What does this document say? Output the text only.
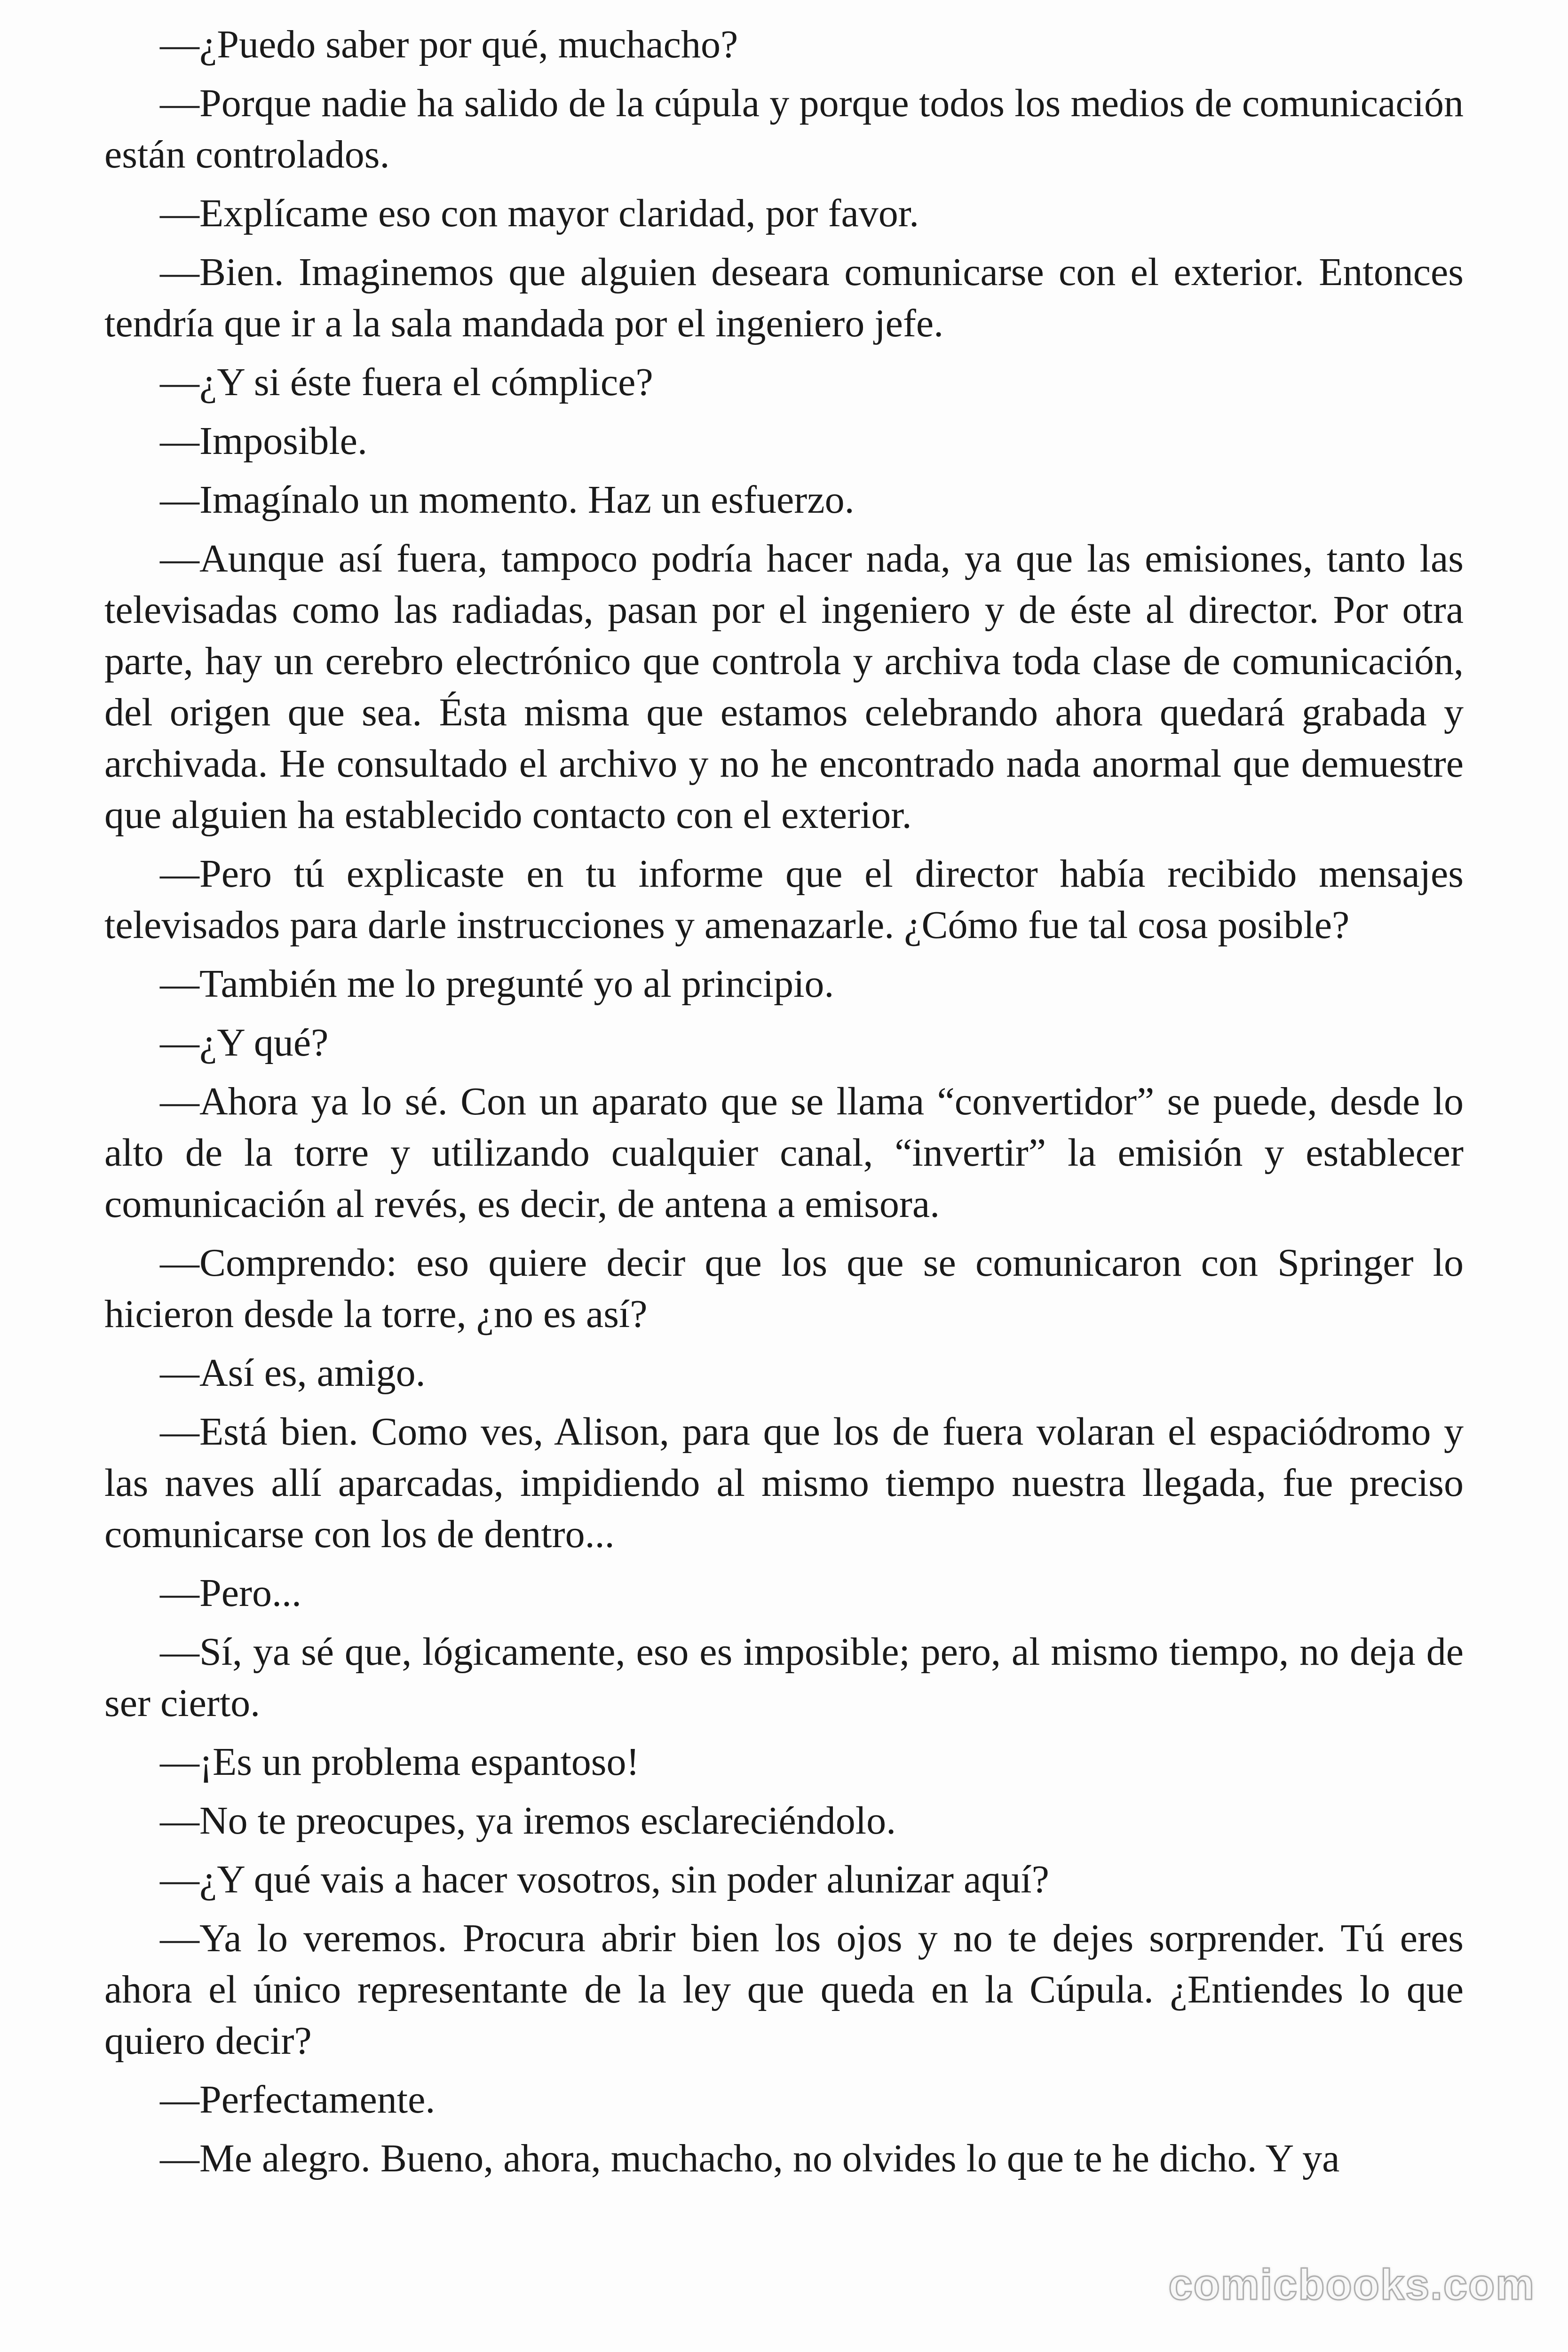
—¿Puedo saber por qué, muchacho?

—Porque nadie ha salido de la cúpula y porque todos los medios de comunicación están controlados.

—Explícame eso con mayor claridad, por favor.

—Bien. Imaginemos que alguien deseara comunicarse con el exterior. Entonces tendría que ir a la sala mandada por el ingeniero jefe.

—¿Y si éste fuera el cómplice?

—Imposible.

—Imagínalo un momento. Haz un esfuerzo.

—Aunque así fuera, tampoco podría hacer nada, ya que las emisiones, tanto las televisadas como las radiadas, pasan por el ingeniero y de éste al director. Por otra parte, hay un cerebro electrónico que controla y archiva toda clase de comunicación, del origen que sea. Ésta misma que estamos celebrando ahora quedará grabada y archivada. He consultado el archivo y no he encontrado nada anormal que demuestre que alguien ha establecido contacto con el exterior.

—Pero tú explicaste en tu informe que el director había recibido mensajes televisados para darle instrucciones y amenazarle. ¿Cómo fue tal cosa posible?

—También me lo pregunté yo al principio.

—¿Y qué?

—Ahora ya lo sé. Con un aparato que se llama “convertidor” se puede, desde lo alto de la torre y utilizando cualquier canal, “invertir” la emisión y establecer comunicación al revés, es decir, de antena a emisora.

—Comprendo: eso quiere decir que los que se comunicaron con Springer lo hicieron desde la torre, ¿no es así?

—Así es, amigo.

—Está bien. Como ves, Alison, para que los de fuera volaran el espaciódromo y las naves allí aparcadas, impidiendo al mismo tiempo nuestra llegada, fue preciso comunicarse con los de dentro...

—Pero...

—Sí, ya sé que, lógicamente, eso es imposible; pero, al mismo tiempo, no deja de ser cierto.

—¡Es un problema espantoso!

—No te preocupes, ya iremos esclareciéndolo.

—¿Y qué vais a hacer vosotros, sin poder alunizar aquí?

—Ya lo veremos. Procura abrir bien los ojos y no te dejes sorprender. Tú eres ahora el único representante de la ley que queda en la Cúpula. ¿Entiendes lo que quiero decir?

—Perfectamente.

—Me alegro. Bueno, ahora, muchacho, no olvides lo que te he dicho. Y ya

comicbooks.com
